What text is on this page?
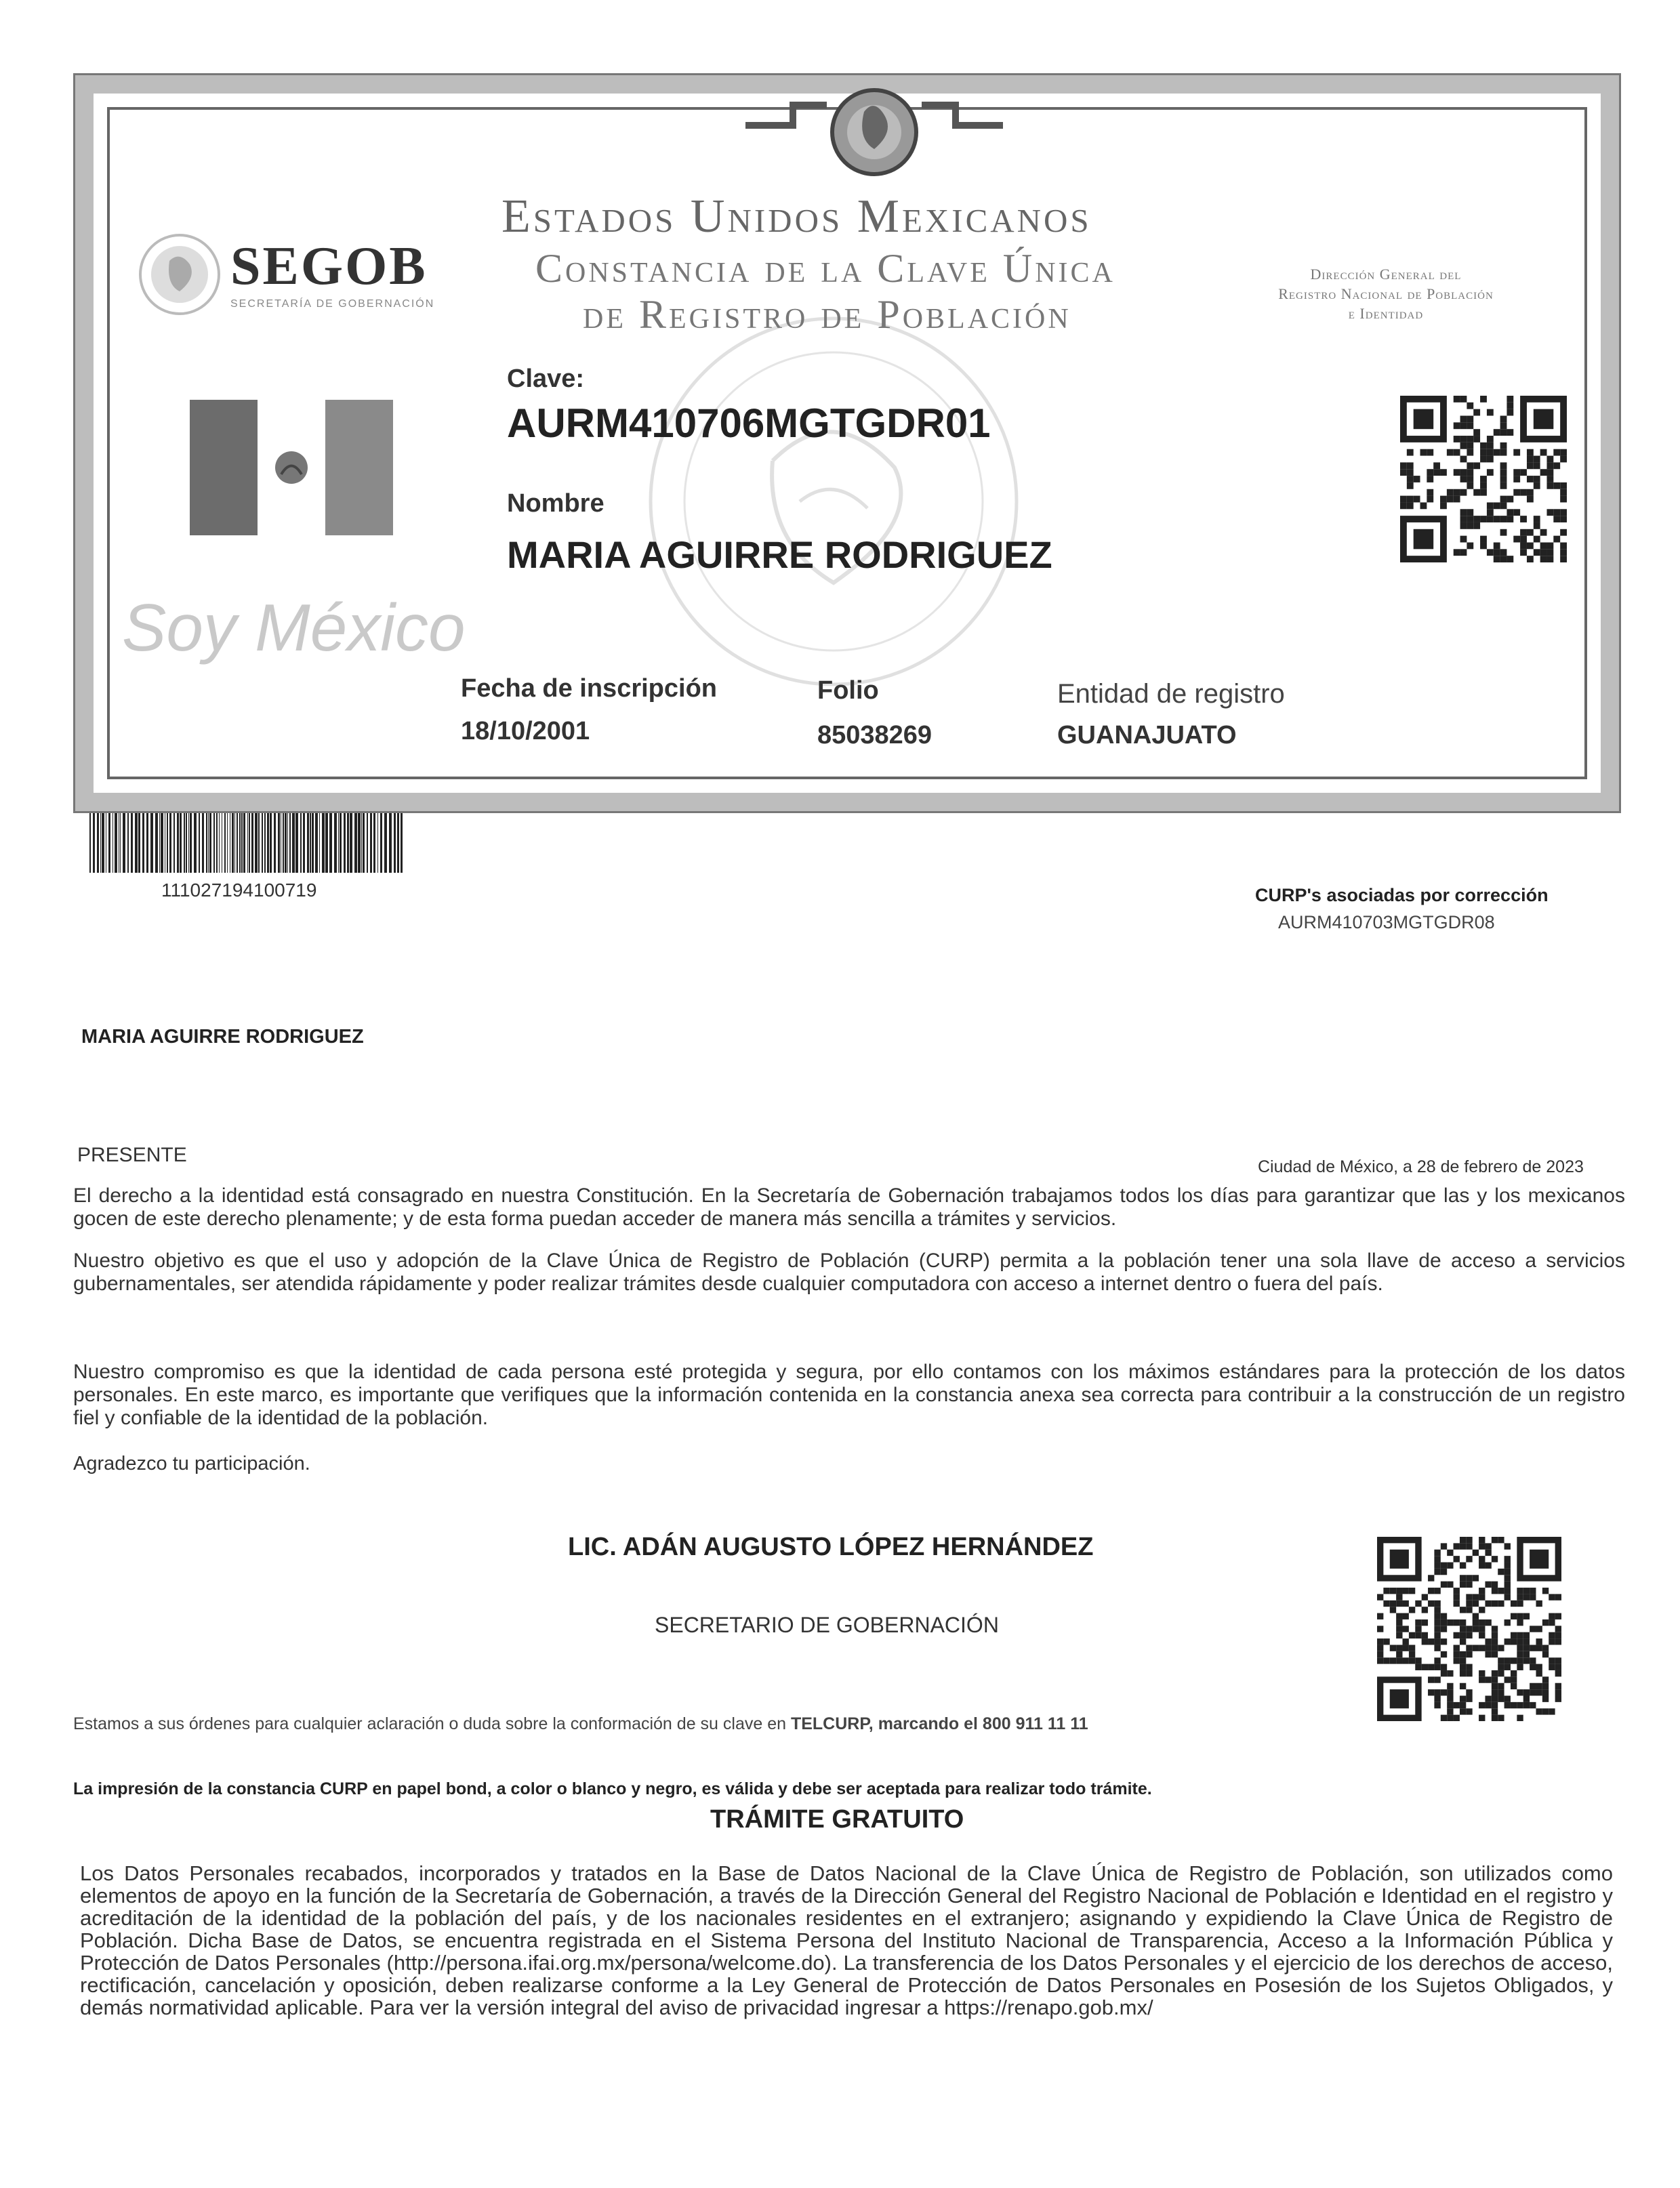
SEGOB
SECRETARÍA DE GOBERNACIÓN
Estados Unidos Mexicanos
Constancia de la Clave Única
de Registro de Población
Dirección General del
Registro Nacional de Población
e Identidad
Soy México
Clave:
AURM410706MGTGDR01
Nombre
MARIA AGUIRRE RODRIGUEZ
Fecha de inscripción
18/10/2001
Folio
85038269
Entidad de registro
GUANAJUATO
111027194100719	CURP's asociadas por corrección
AURM410703MGTGDR08
MARIA AGUIRRE RODRIGUEZ
PRESENTE
Ciudad de México, a 28 de febrero de 2023
El derecho a la identidad está consagrado en nuestra Constitución. En la Secretaría de Gobernación trabajamos todos los días para garantizar que las y los mexicanos gocen de este derecho plenamente; y de esta forma puedan acceder de manera más sencilla a trámites y servicios.
Nuestro objetivo es que el uso y adopción de la Clave Única de Registro de Población (CURP) permita a la población tener una sola llave de acceso a servicios gubernamentales, ser atendida rápidamente y poder realizar trámites desde cualquier computadora con acceso a internet dentro o fuera del país.
Nuestro compromiso es que la identidad de cada persona esté protegida y segura, por ello contamos con los máximos estándares para la protección de los datos personales. En este marco, es importante que verifiques que la información contenida en la constancia anexa sea correcta para contribuir a la construcción de un registro fiel y confiable de la identidad de la población.
Agradezco tu participación.
LIC. ADÁN AUGUSTO LÓPEZ HERNÁNDEZ
SECRETARIO DE GOBERNACIÓN
Estamos a sus órdenes para cualquier aclaración o duda sobre la conformación de su clave en TELCURP, marcando el 800 911 11 11
La impresión de la constancia CURP en papel bond, a color o blanco y negro, es válida y debe ser aceptada para realizar todo trámite.
TRÁMITE GRATUITO
Los Datos Personales recabados, incorporados y tratados en la Base de Datos Nacional de la Clave Única de Registro de Población, son utilizados como elementos de apoyo en la función de la Secretaría de Gobernación, a través de la Dirección General del Registro Nacional de Población e Identidad en el registro y acreditación de la identidad de la población del país, y de los nacionales residentes en el extranjero; asignando y expidiendo la Clave Única de Registro de Población. Dicha Base de Datos, se encuentra registrada en el Sistema Persona del Instituto Nacional de Transparencia, Acceso a la Información Pública y Protección de Datos Personales (http://persona.ifai.org.mx/persona/welcome.do). La transferencia de los Datos Personales y el ejercicio de los derechos de acceso, rectificación, cancelación y oposición, deben realizarse conforme a la Ley General de Protección de Datos Personales en Posesión de los Sujetos Obligados, y demás normatividad aplicable. Para ver la versión integral del aviso de privacidad ingresar a https://renapo.gob.mx/
